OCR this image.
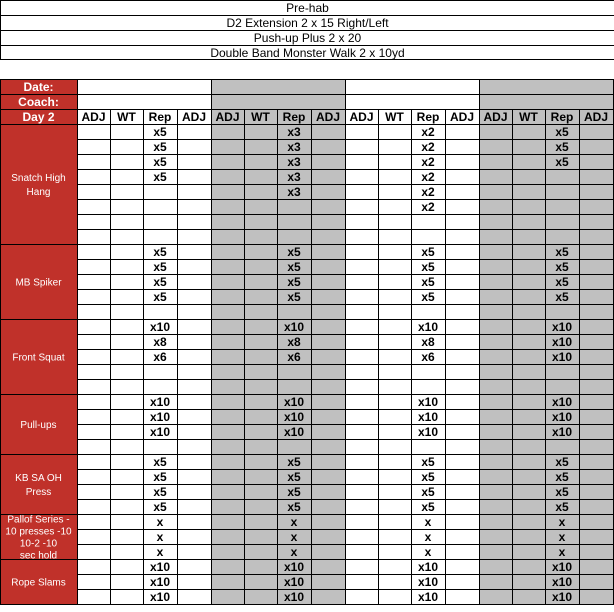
Pre-hab
D2 Extension 2 x 15 Right/Left
Push-up Plus 2 x 20
Double Band Monster Walk 2 x 10yd
Date:
Coach:
Day 2 ADJ WT Rep ADJ ADJ WT Rep ADJ ADJ WT Rep ADJ ADJ WT Rep ADJ
Snatch High
Hang
x5
x5
x5
x5
x3
x3
x3
x3
x3
x2
x2
x2
x2
x2
x2
x5
x5
x5
MB Spiker
x5
x5
x5
x5
x5
x5
x5
x5
x5
x5
x5
x5
x5
x5
x5
x5
Front Squat
x10
x8
x6
x10
x8
x6
x10
x8
x6
x10
x10
x10
Pull-ups
x10
x10
x10
x10
x10
x10
x10
x10
x10
x10
x10
x10
KB SA OH
Press
x5
x5
x5
x5
x5
x5
x5
x5
x5
x5
x5
x5
x5
x5
x5
x5
Pallof Series -
10 presses -10
10-2 -10
sec hold
x
x
x
x
x
x
x
x
x
x
x
x
Rope Slams
x10
x10
x10
x10
x10
x10
x10
x10
x10
x10
x10
x10
